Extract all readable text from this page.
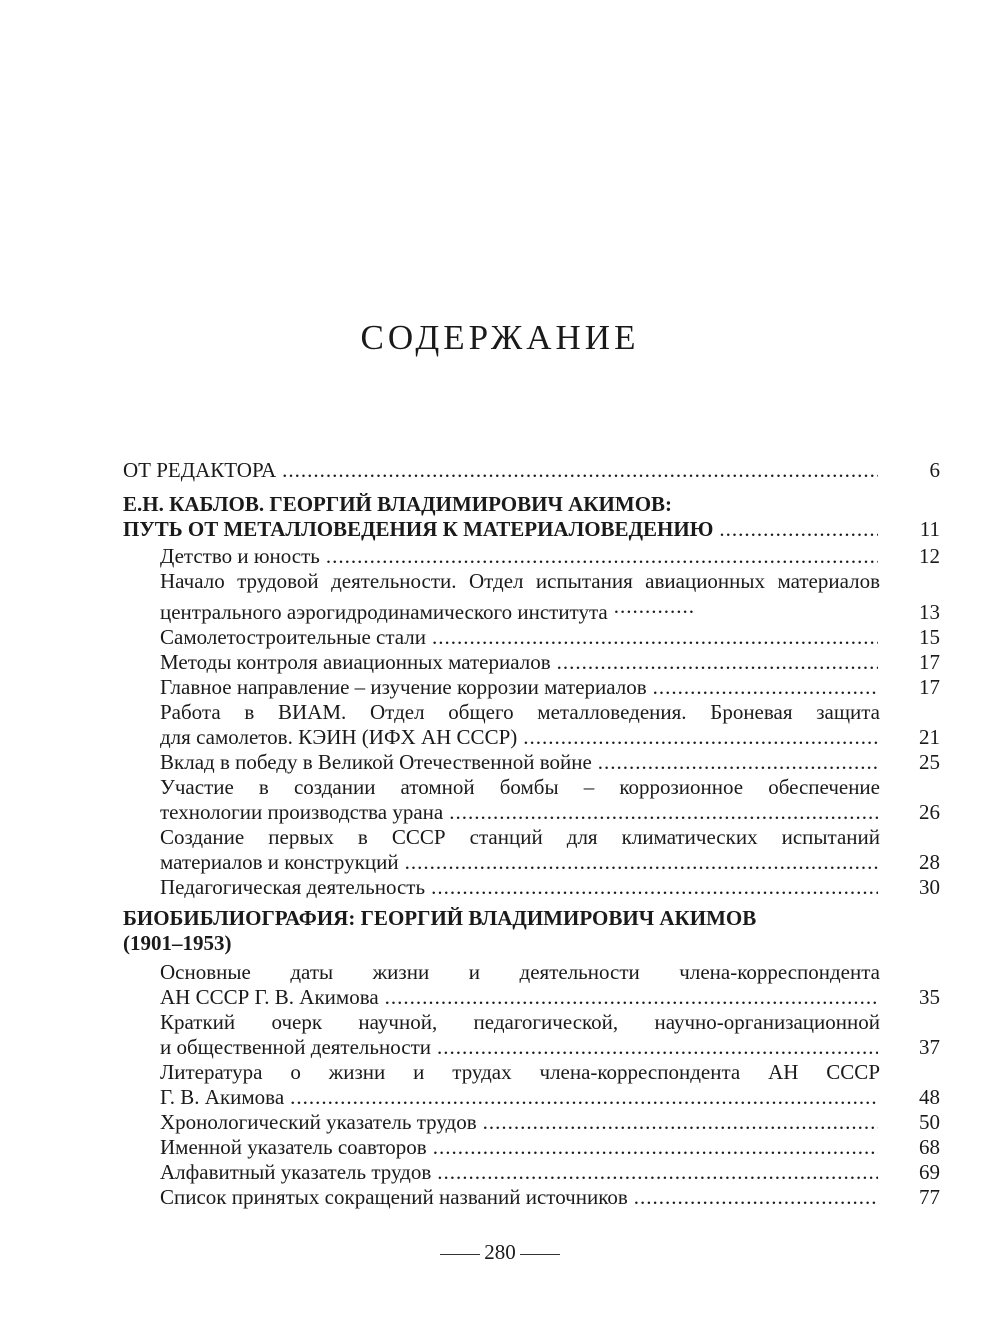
СОДЕРЖАНИЕ
ОТ РЕДАКТОРА .....	6
Е.Н. КАБЛОВ. ГЕОРГИЙ ВЛАДИМИРОВИЧ АКИМОВ:
ПУТЬ ОТ МЕТАЛЛОВЕДЕНИЯ К МАТЕРИАЛОВЕДЕНИЮ .....	11
Детство и юность .....	12
Начало трудовой деятельности. Отдел испытания авиационных материалов центрального аэрогидродинамического института .....	13
Самолетостроительные стали .....	15
Методы контроля авиационных материалов .....	17
Главное направление – изучение коррозии материалов .....	17
Работа в ВИАМ. Отдел общего металловедения. Броневая защита
для самолетов. КЭИН (ИФХ АН СССР) .....	21
Вклад в победу в Великой Отечественной войне .....	25
Участие в создании атомной бомбы – коррозионное обеспечение
технологии производства урана .....	26
Создание первых в СССР станций для климатических испытаний
материалов и конструкций .....	28
Педагогическая деятельность .....	30
БИОБИБЛИОГРАФИЯ: ГЕОРГИЙ ВЛАДИМИРОВИЧ АКИМОВ
(1901–1953)
Основные даты жизни и деятельности члена-корреспондента
АН СССР Г. В. Акимова .....	35
Краткий очерк научной, педагогической, научно-организационной
и общественной деятельности .....	37
Литература о жизни и трудах члена-корреспондента АН СССР
Г. В. Акимова .....	48
Хронологический указатель трудов .....	50
Именной указатель соавторов .....	68
Алфавитный указатель трудов .....	69
Список принятых сокращений названий источников .....	77
280
